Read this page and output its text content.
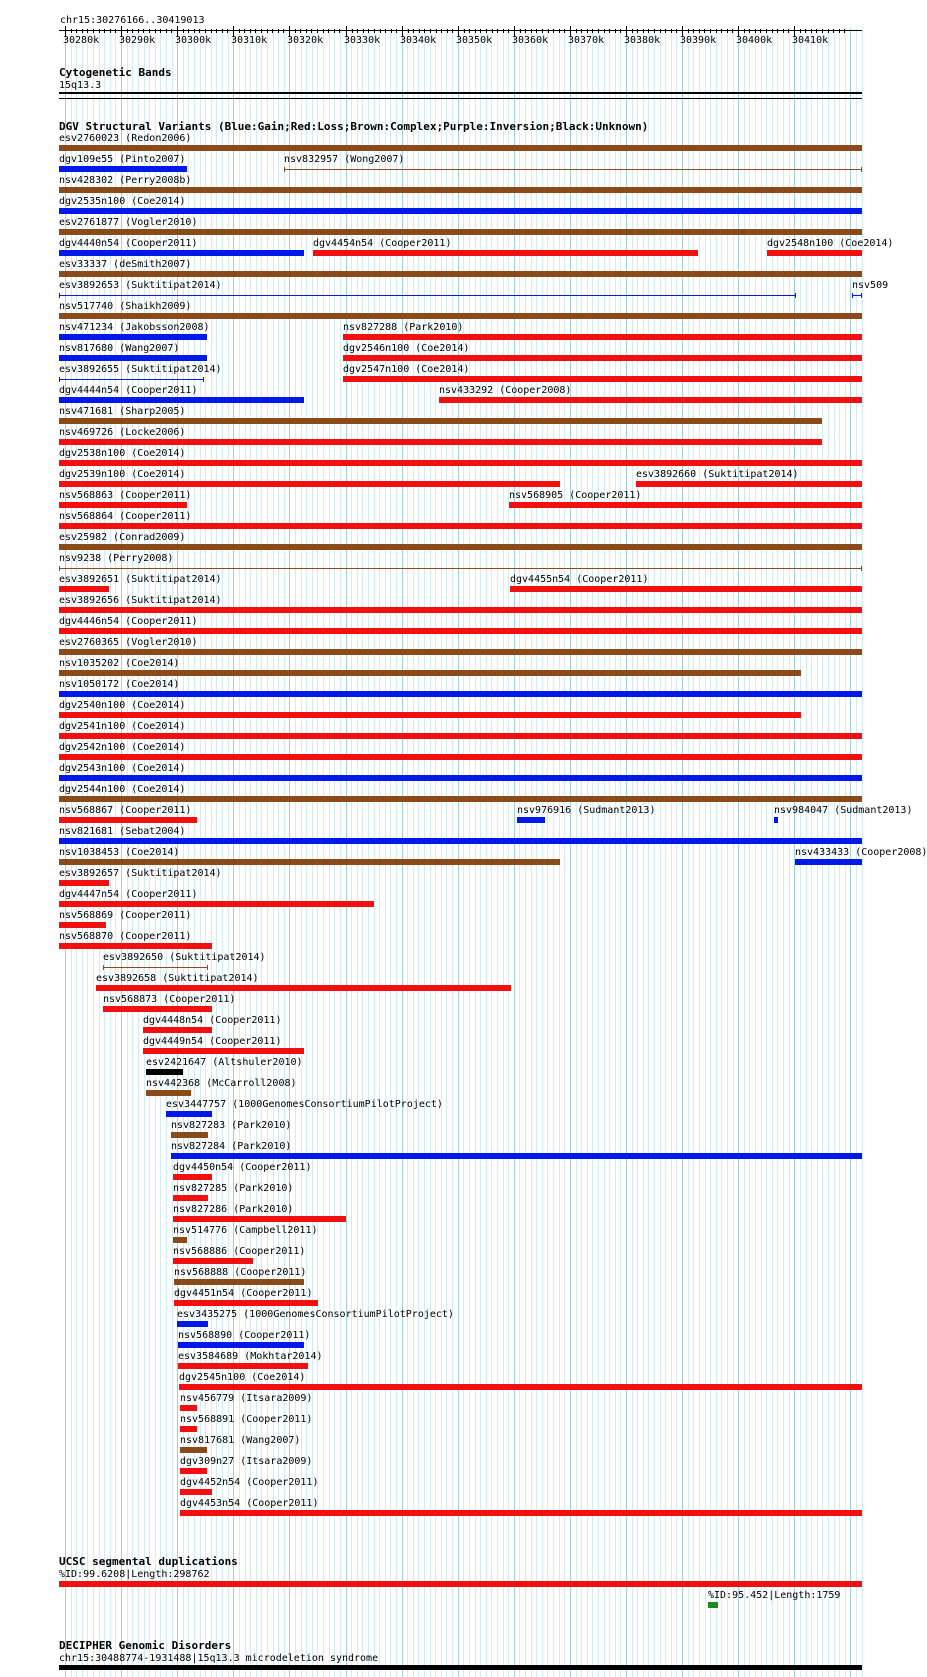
chr15:30276166..30419013
30280k 30290k 30300k 30310k 30320k 30330k 30340k 30350k 30360k 30370k 30380k 30390k 30400k 30410k
Cytogenetic Bands
15q13.3
DGV Structural Variants (Blue:Gain;Red:Loss;Brown:Complex;Purple:Inversion;Black:Unknown)
esv2760023 (Redon2006)
dgv109e55 (Pinto2007)	nsv832957 (Wong2007)
nsv428302 (Perry2008b)
dgv2535n100 (Coe2014)
esv2761877 (Vogler2010)
dgv4440n54 (Cooper2011)	dgv4454n54 (Cooper2011)	dgv2548n100 (Coe2014)
esv33337 (deSmith2007)
esv3892653 (Suktitipat2014)	nsv509
nsv517740 (Shaikh2009)
nsv471234 (Jakobsson2008)	nsv827288 (Park2010)
nsv817680 (Wang2007)	dgv2546n100 (Coe2014)
esv3892655 (Suktitipat2014)	dgv2547n100 (Coe2014)
dgv4444n54 (Cooper2011)	nsv433292 (Cooper2008)
nsv471681 (Sharp2005)
nsv469726 (Locke2006)
dgv2538n100 (Coe2014)
dgv2539n100 (Coe2014)	esv3892660 (Suktitipat2014)
nsv568863 (Cooper2011)	nsv568905 (Cooper2011)
nsv568864 (Cooper2011)
esv25982 (Conrad2009)
nsv9238 (Perry2008)
esv3892651 (Suktitipat2014)	dgv4455n54 (Cooper2011)
esv3892656 (Suktitipat2014)
dgv4446n54 (Cooper2011)
esv2760365 (Vogler2010)
nsv1035202 (Coe2014)
nsv1050172 (Coe2014)
dgv2540n100 (Coe2014)
dgv2541n100 (Coe2014)
dgv2542n100 (Coe2014)
dgv2543n100 (Coe2014)
dgv2544n100 (Coe2014)
nsv568867 (Cooper2011)	nsv976916 (Sudmant2013)	nsv984047 (Sudmant2013)
nsv821681 (Sebat2004)
nsv1038453 (Coe2014)	nsv433433 (Cooper2008)
esv3892657 (Suktitipat2014)
dgv4447n54 (Cooper2011)
nsv568869 (Cooper2011)
nsv568870 (Cooper2011)
esv3892650 (Suktitipat2014)
esv3892658 (Suktitipat2014)
nsv568873 (Cooper2011)
dgv4448n54 (Cooper2011)
dgv4449n54 (Cooper2011)
esv2421647 (Altshuler2010)
nsv442368 (McCarroll2008)
esv3447757 (1000GenomesConsortiumPilotProject)
nsv827283 (Park2010)
nsv827284 (Park2010)
dgv4450n54 (Cooper2011)
nsv827285 (Park2010)
nsv827286 (Park2010)
nsv514776 (Campbell2011)
nsv568886 (Cooper2011)
nsv568888 (Cooper2011)
dgv4451n54 (Cooper2011)
esv3435275 (1000GenomesConsortiumPilotProject)
nsv568890 (Cooper2011)
esv3584689 (Mokhtar2014)
dgv2545n100 (Coe2014)
nsv456779 (Itsara2009)
nsv568891 (Cooper2011)
nsv817681 (Wang2007)
dgv309n27 (Itsara2009)
dgv4452n54 (Cooper2011)
dgv4453n54 (Cooper2011)
UCSC segmental duplications
%ID:99.6208|Length:298762
%ID:95.452|Length:1759
DECIPHER Genomic Disorders
chr15:30488774-1931488|15q13.3 microdeletion syndrome
